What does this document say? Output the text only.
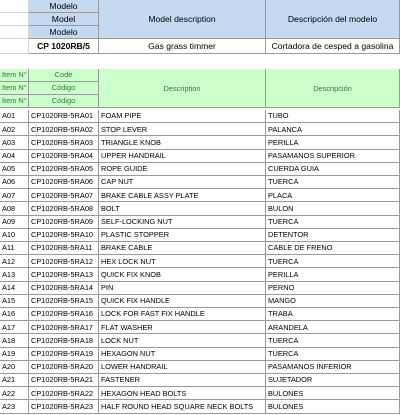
Modelo
Model	Model description	Descripción del modelo
Modelo
CP 1020RB/5	Gas grass timmer	Cortadora de cesped a gasolina
Item N°	Code
Item N°	Código	Description	Descripción
Item N°	Código
A01	CP1020RB-5RA01	FOAM PIPE	TUBO
A02	CP1020RB-5RA02	STOP LEVER	PALANCA
A03	CP1020RB-5RA03	TRIANGLE KNOB	PERILLA
A04	CP1020RB-5RA04	UPPER HANDRAIL	PASAMANOS SUPERIOR
A05	CP1020RB-5RA05	ROPE GUIDE	CUERDA GUIA
A06	CP1020RB-5RA06	CAP NUT	TUERCA
A07	CP1020RB-5RA07	BRAKE CABLE ASSY PLATE	PLACA
A08	CP1020RB-5RA08	BOLT	BULON
A09	CP1020RB-5RA09	SELF-LOCKING NUT	TUERCA
A10	CP1020RB-5RA10	PLASTIC STOPPER	DETENTOR
A11	CP1020RB-5RA11	BRAKE CABLE	CABLE DE FRENO
A12	CP1020RB-5RA12	HEX LOCK NUT	TUERCA
A13	CP1020RB-5RA13	QUICK FIX KNOB	PERILLA
A14	CP1020RB-5RA14	PIN	PERNO
A15	CP1020RB-5RA15	QUICK FIX HANDLE	MANGO
A16	CP1020RB-5RA16	LOCK FOR FAST FIX HANDLE	TRABA
A17	CP1020RB-5RA17	FLAT WASHER	ARANDELA
A18	CP1020RB-5RA18	LOCK NUT	TUERCA
A19	CP1020RB-5RA19	HEXAGON NUT	TUERCA
A20	CP1020RB-5RA20	LOWER HANDRAIL	PASAMANOS INFERIOR
A21	CP1020RB-5RA21	FASTENER	SUJETADOR
A22	CP1020RB-5RA22	HEXAGON HEAD BOLTS	BULONES
A23	CP1020RB-5RA23	HALF ROUND HEAD SQUARE NECK BOLTS	BULONES
